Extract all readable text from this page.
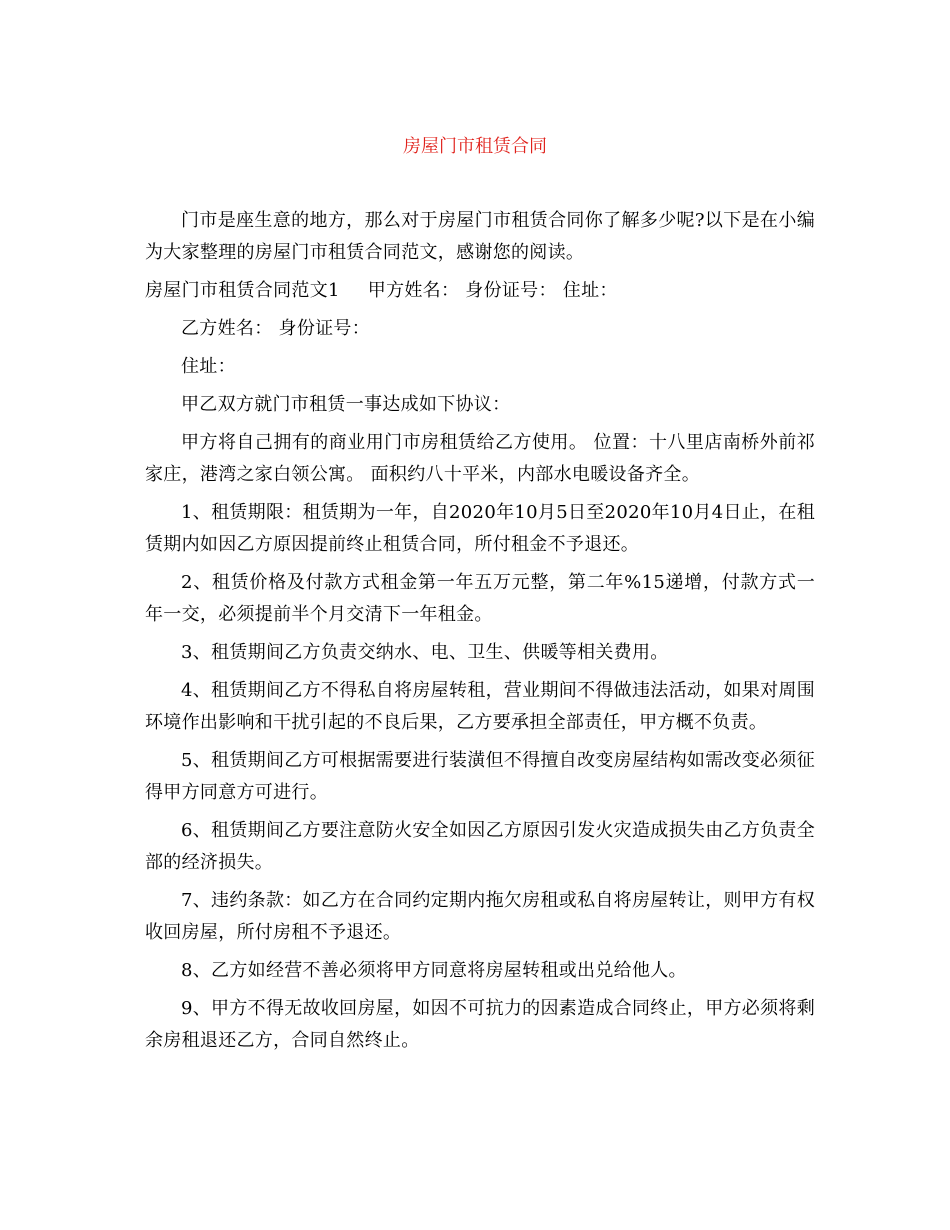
房屋门市租赁合同

门市是座生意的地方，那么对于房屋门市租赁合同你了解多少呢?以下是在小编为大家整理的房屋门市租赁合同范文，感谢您的阅读。

房屋门市租赁合同范文1 甲方姓名： 身份证号： 住址：

乙方姓名： 身份证号：

住址：

甲乙双方就门市租赁一事达成如下协议：

甲方将自己拥有的商业用门市房租赁给乙方使用。 位置：十八里店南桥外前祁家庄，港湾之家白领公寓。 面积约八十平米，内部水电暖设备齐全。

1、租赁期限：租赁期为一年，自2020年10月5日至2020年10月4日止，在租赁期内如因乙方原因提前终止租赁合同，所付租金不予退还。

2、租赁价格及付款方式租金第一年五万元整，第二年%15递增，付款方式一年一交，必须提前半个月交清下一年租金。

3、租赁期间乙方负责交纳水、电、卫生、供暖等相关费用。

4、租赁期间乙方不得私自将房屋转租，营业期间不得做违法活动，如果对周围环境作出影响和干扰引起的不良后果，乙方要承担全部责任，甲方概不负责。

5、租赁期间乙方可根据需要进行装潢但不得擅自改变房屋结构如需改变必须征得甲方同意方可进行。

6、租赁期间乙方要注意防火安全如因乙方原因引发火灾造成损失由乙方负责全部的经济损失。

7、违约条款：如乙方在合同约定期内拖欠房租或私自将房屋转让，则甲方有权收回房屋，所付房租不予退还。

8、乙方如经营不善必须将甲方同意将房屋转租或出兑给他人。

9、甲方不得无故收回房屋，如因不可抗力的因素造成合同终止，甲方必须将剩余房租退还乙方，合同自然终止。
